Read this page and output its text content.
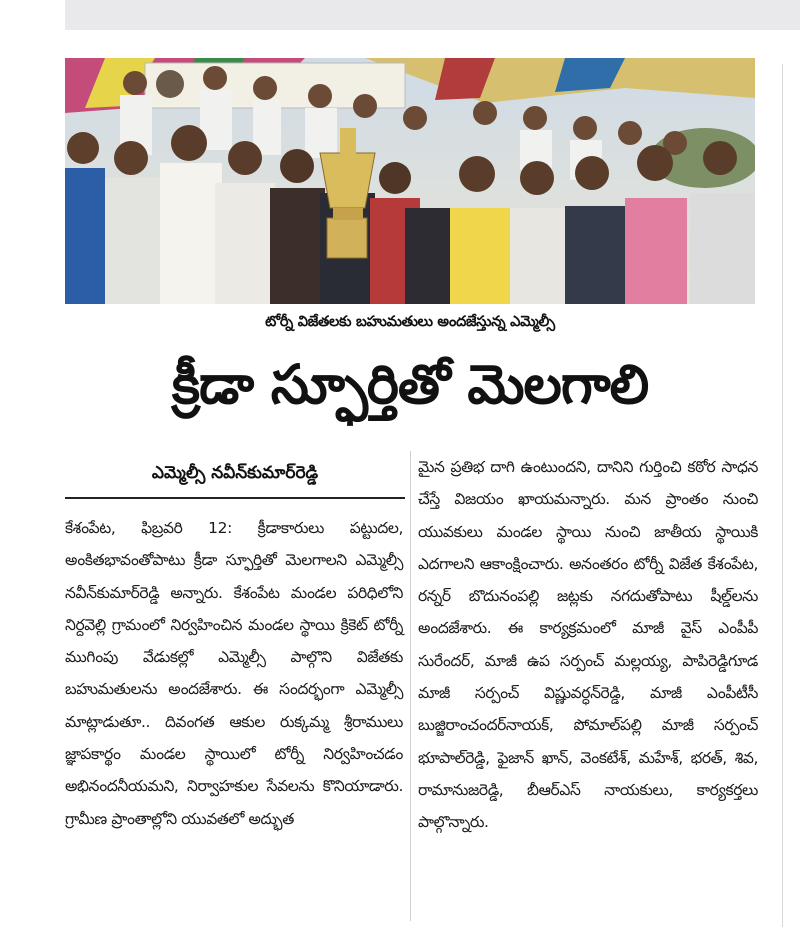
టోర్నీ విజేతలకు బహుమతులు అందజేస్తున్న ఎమ్మెల్సీ
క్రీడా స్ఫూర్తితో మెలగాలి
ఎమ్మెల్సీ నవీన్‌కుమార్‌రెడ్డి

కేశంపేట, ఫిబ్రవరి 12: క్రీడాకారులు పట్టుదల, అంకితభావంతోపాటు క్రీడా స్ఫూర్తితో మెలగాలని ఎమ్మెల్సీ నవీన్‌కుమార్‌రెడ్డి అన్నారు. కేశంపేట మండల పరిధిలోని నిర్దవెల్లి గ్రామంలో నిర్వహించిన మండల స్థాయి క్రికెట్ టోర్నీ ముగింపు వేడుకల్లో ఎమ్మెల్సీ పాల్గొని విజేతకు బహుమతులను అందజేశారు. ఈ సందర్భంగా ఎమ్మెల్సీ మాట్లాడుతూ.. దివంగత ఆకుల రుక్కమ్మ శ్రీరాములు జ్ఞాపకార్థం మండల స్థాయిలో టోర్నీ నిర్వహించడం అభినందనీయమని, నిర్వాహకుల సేవలను కొనియాడారు. గ్రామీణ ప్రాంతాల్లోని యువతలో అద్భుత

మైన ప్రతిభ దాగి ఉంటుందని, దానిని గుర్తించి కఠోర సాధన చేస్తే విజయం ఖాయమన్నారు. మన ప్రాంతం నుంచి యువకులు మండల స్థాయి నుంచి జాతీయ స్థాయికి ఎదగాలని ఆకాంక్షించారు. అనంతరం టోర్నీ విజేత కేశంపేట, రన్నర్ బొదునంపల్లి జట్లకు నగదుతోపాటు షీల్డ్‌లను అందజేశారు. ఈ కార్యక్రమంలో మాజీ వైస్ ఎంపీపీ సురేందర్, మాజీ ఉప సర్పంచ్ మల్లయ్య, పాపిరెడ్డిగూడ మాజీ సర్పంచ్ విష్ణువర్ధన్‌రెడ్డి, మాజీ ఎంపీటీసీ బుజ్జిరాంచందర్‌నాయక్, పోమాల్‌పల్లి మాజీ సర్పంచ్ భూపాల్‌రెడ్డి, ఫైజాన్ ఖాన్, వెంకటేశ్, మహేశ్, భరత్, శివ, రామానుజరెడ్డి, బీఆర్‌ఎస్ నాయకులు, కార్యకర్తలు పాల్గొన్నారు.
